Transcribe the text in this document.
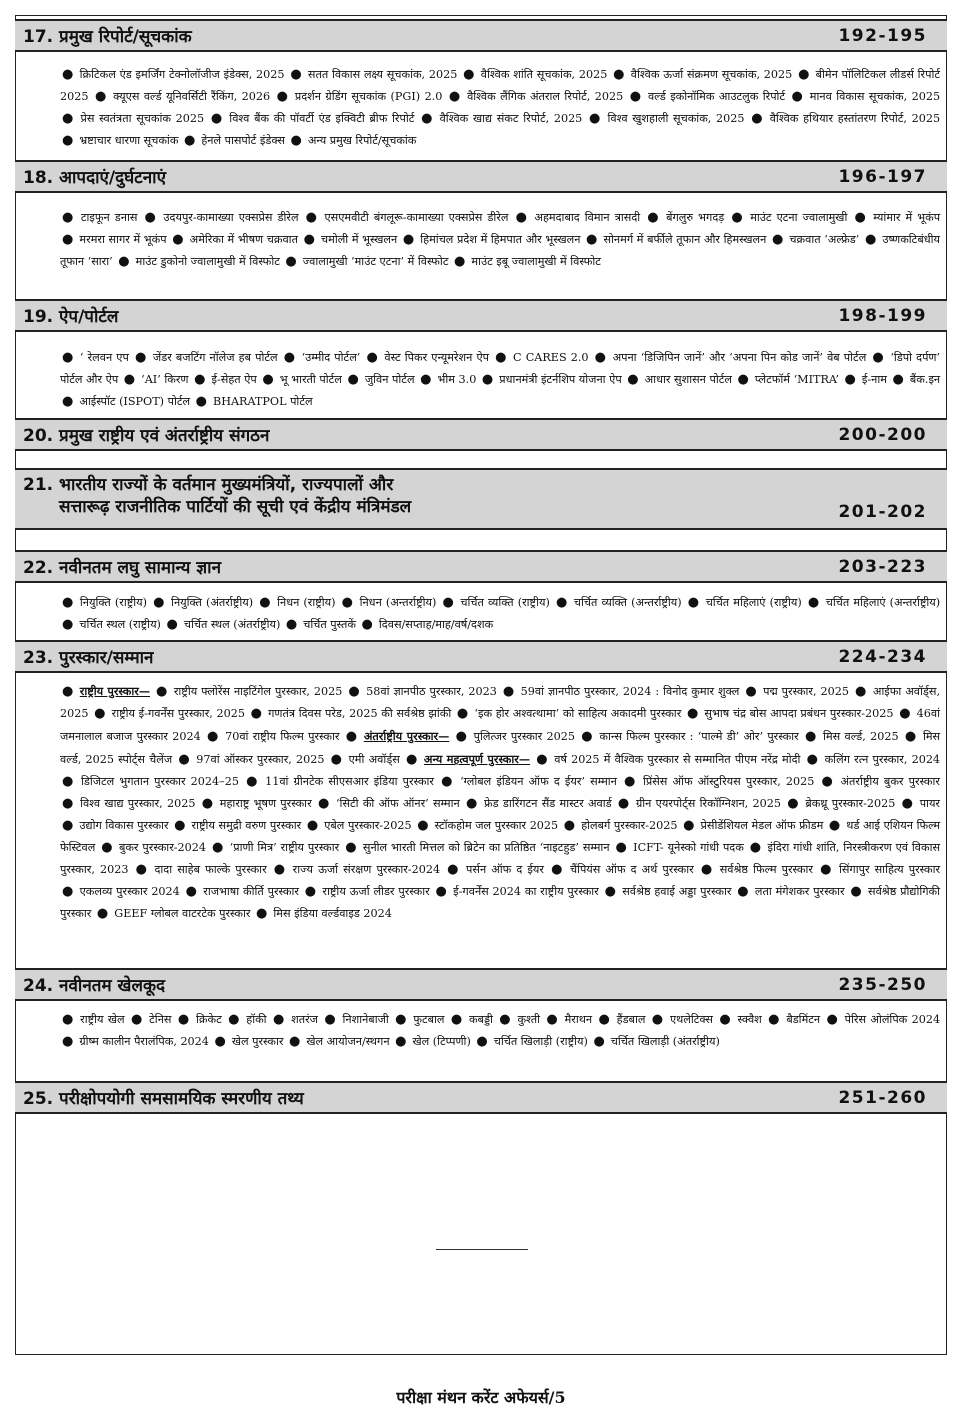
17. प्रमुख रिपोर्ट/सूचकांक	192-195
● क्रिटिकल एंड इमर्जिंग टेक्नोलॉजीज इंडेक्स, 2025 ● सतत विकास लक्ष्य सूचकांक, 2025 ● वैश्विक शांति सूचकांक, 2025 ● वैश्विक ऊर्जा संक्रमण सूचकांक, 2025 ● बीमेन पॉलिटिकल लीडर्स रिपोर्ट 2025 ● क्यूएस वर्ल्ड यूनिवर्सिटी रैंकिंग, 2026 ● प्रदर्शन ग्रेडिंग सूचकांक (PGI) 2.0 ● वैश्विक लैंगिक अंतराल रिपोर्ट, 2025 ● वर्ल्ड इकोनॉमिक आउटलुक रिपोर्ट ● मानव विकास सूचकांक, 2025 ● प्रेस स्वतंत्रता सूचकांक 2025 ● विश्व बैंक की पॉवर्टी एंड इक्विटी ब्रीफ रिपोर्ट ● वैश्विक खाद्य संकट रिपोर्ट, 2025 ● विश्व खुशहाली सूचकांक, 2025 ● वैश्विक हथियार हस्तांतरण रिपोर्ट, 2025 ● भ्रष्टाचार धारणा सूचकांक ● हेनले पासपोर्ट इंडेक्स ● अन्य प्रमुख रिपोर्ट/सूचकांक
18. आपदाएं/दुर्घटनाएं	196-197
● टाइफून डनास ● उदयपुर-कामाख्या एक्सप्रेस डीरेल ● एसएमवीटी बंगलूरू-कामाख्या एक्सप्रेस डीरेल ● अहमदाबाद विमान त्रासदी ● बेंगलुरु भगदड़ ● माउंट एटना ज्वालामुखी ● म्यांमार में भूकंप ● मरमरा सागर में भूकंप ● अमेरिका में भीषण चक्रवात ● चमोली में भूस्खलन ● हिमांचल प्रदेश में हिमपात और भूस्खलन ● सोनमर्ग में बर्फीले तूफान और हिमस्खलन ● चक्रवात ‘अल्फ्रेड’ ● उष्णकटिबंधीय तूफान ‘सारा’ ● माउंट डुकोनो ज्वालामुखी में विस्फोट ● ज्वालामुखी ‘माउंट एटना’ में विस्फोट ● माउंट इबू ज्वालामुखी में विस्फोट
19. ऐप/पोर्टल	198-199
● ‘ रेलवन एप ● जेंडर बजटिंग नॉलेज हब पोर्टल ● ‘उम्मीद पोर्टल’ ● वेस्ट पिकर एन्यूमरेशन ऐप ● C CARES 2.0 ● अपना ‘डिजिपिन जानें’ और ‘अपना पिन कोड जानें’ वेब पोर्टल ● ‘डिपो दर्पण’ पोर्टल और ऐप ● ‘AI’ किरण ● ई-सेहत ऐप ● भू भारती पोर्टल ● जुविन पोर्टल ● भीम 3.0 ● प्रधानमंत्री इंटर्नशिप योजना ऐप ● आधार सुशासन पोर्टल ● प्लेटफॉर्म ‘MITRA’ ● ई-नाम ● बैंक.इन ● आईस्पॉट (ISPOT) पोर्टल ● BHARATPOL पोर्टल
20. प्रमुख राष्ट्रीय एवं अंतर्राष्ट्रीय संगठन	200-200
21. भारतीय राज्यों के वर्तमान मुख्यमंत्रियों, राज्यपालों और
सत्तारूढ़ राजनीतिक पार्टियों की सूची एवं केंद्रीय मंत्रिमंडल	201-202
22. नवीनतम लघु सामान्य ज्ञान	203-223
● नियुक्ति (राष्ट्रीय) ● नियुक्ति (अंतर्राष्ट्रीय) ● निधन (राष्ट्रीय) ● निधन (अन्तर्राष्ट्रीय) ● चर्चित व्यक्ति (राष्ट्रीय) ● चर्चित व्यक्ति (अन्तर्राष्ट्रीय) ● चर्चित महिलाएं (राष्ट्रीय) ● चर्चित महिलाएं (अन्तर्राष्ट्रीय) ● चर्चित स्थल (राष्ट्रीय) ● चर्चित स्थल (अंतर्राष्ट्रीय) ● चर्चित पुस्तकें ● दिवस/सप्ताह/माह/वर्ष/दशक
23. पुरस्कार/सम्मान	224-234
● राष्ट्रीय पुरस्कार— ● राष्ट्रीय फ्लोरेंस नाइटिंगेल पुरस्कार, 2025 ● 58वां ज्ञानपीठ पुरस्कार, 2023 ● 59वां ज्ञानपीठ पुरस्कार, 2024 : विनोद कुमार शुक्ल ● पद्म पुरस्कार, 2025 ● आईफा अवॉर्ड्स, 2025 ● राष्ट्रीय ई-गवर्नेंस पुरस्कार, 2025 ● गणतंत्र दिवस परेड, 2025 की सर्वश्रेष्ठ झांकी ● ‘इक होर अश्वत्थामा’ को साहित्य अकादमी पुरस्कार ● सुभाष चंद्र बोस आपदा प्रबंधन पुरस्कार-2025 ● 46वां जमनालाल बजाज पुरस्कार 2024 ● 70वां राष्ट्रीय फिल्म पुरस्कार ● अंतर्राष्ट्रीय पुरस्कार— ● पुलित्जर पुरस्कार 2025 ● कान्स फिल्म पुरस्कार : ‘पाल्मे डी’ ओर’ पुरस्कार ● मिस वर्ल्ड, 2025 ● मिस वर्ल्ड, 2025 स्पोर्ट्स चैलेंज ● 97वां ऑस्कर पुरस्कार, 2025 ● एमी अवॉर्ड्स ● अन्य महत्वपूर्ण पुरस्कार— ● वर्ष 2025 में वैश्विक पुरस्कार से सम्मानित पीएम नरेंद्र मोदी ● कलिंग रत्न पुरस्कार, 2024 ● डिजिटल भुगतान पुरस्कार 2024–25 ● 11वां ग्रीनटेक सीएसआर इंडिया पुरस्कार ● ‘ग्लोबल इंडियन ऑफ द ईयर’ सम्मान ● प्रिंसेस ऑफ ऑस्टुरियस पुरस्कार, 2025 ● अंतर्राष्ट्रीय बुकर पुरस्कार ● विश्व खाद्य पुरस्कार, 2025 ● महाराष्ट्र भूषण पुरस्कार ● ‘सिटी की ऑफ ऑनर’ सम्मान ● फ्रेड डारिंगटन सैंड मास्टर अवार्ड ● ग्रीन एयरपोर्ट्स रिकॉग्निशन, 2025 ● ब्रेकथ्रू पुरस्कार-2025 ● पायर ● उद्योग विकास पुरस्कार ● राष्ट्रीय समुद्री वरुण पुरस्कार ● एबेल पुरस्कार-2025 ● स्टॉकहोम जल पुरस्कार 2025 ● होलबर्ग पुरस्कार-2025 ● प्रेसीडेंशियल मेडल ऑफ फ्रीडम ● थर्ड आई एशियन फिल्म फेस्टिवल ● बुकर पुरस्कार-2024 ● ‘प्राणी मित्र’ राष्ट्रीय पुरस्कार ● सुनील भारती मित्तल को ब्रिटेन का प्रतिष्ठित ‘नाइटहुड’ सम्मान ● ICFT- यूनेस्को गांधी पदक ● इंदिरा गांधी शांति, निरस्त्रीकरण एवं विकास पुरस्कार, 2023 ● दादा साहेब फाल्के पुरस्कार ● राज्य ऊर्जा संरक्षण पुरस्कार-2024 ● पर्सन ऑफ द ईयर ● चैंपियंस ऑफ द अर्थ पुरस्कार ● सर्वश्रेष्ठ फिल्म पुरस्कार ● सिंगापुर साहित्य पुरस्कार ● एकलव्य पुरस्कार 2024 ● राजभाषा कीर्ति पुरस्कार ● राष्ट्रीय ऊर्जा लीडर पुरस्कार ● ई-गवर्नेंस 2024 का राष्ट्रीय पुरस्कार ● सर्वश्रेष्ठ हवाई अड्डा पुरस्कार ● लता मंगेशकर पुरस्कार ● सर्वश्रेष्ठ प्रौद्योगिकी पुरस्कार ● GEEF ग्लोबल वाटरटेक पुरस्कार ● मिस इंडिया वर्ल्डवाइड 2024
24. नवीनतम खेलकूद	235-250
● राष्ट्रीय खेल ● टेनिस ● क्रिकेट ● हॉकी ● शतरंज ● निशानेबाजी ● फुटबाल ● कबड्डी ● कुश्ती ● मैराथन ● हैंडबाल ● एथलेटिक्स ● स्क्वैश ● बैडमिंटन ● पेरिस ओलंपिक 2024 ● ग्रीष्म कालीन पैरालंपिक, 2024 ● खेल पुरस्कार ● खेल आयोजन/स्थगन ● खेल (टिप्पणी) ● चर्चित खिलाड़ी (राष्ट्रीय) ● चर्चित खिलाड़ी (अंतर्राष्ट्रीय)
25. परीक्षोपयोगी समसामयिक स्मरणीय तथ्य	251-260
परीक्षा मंथन करेंट अफेयर्स/5
